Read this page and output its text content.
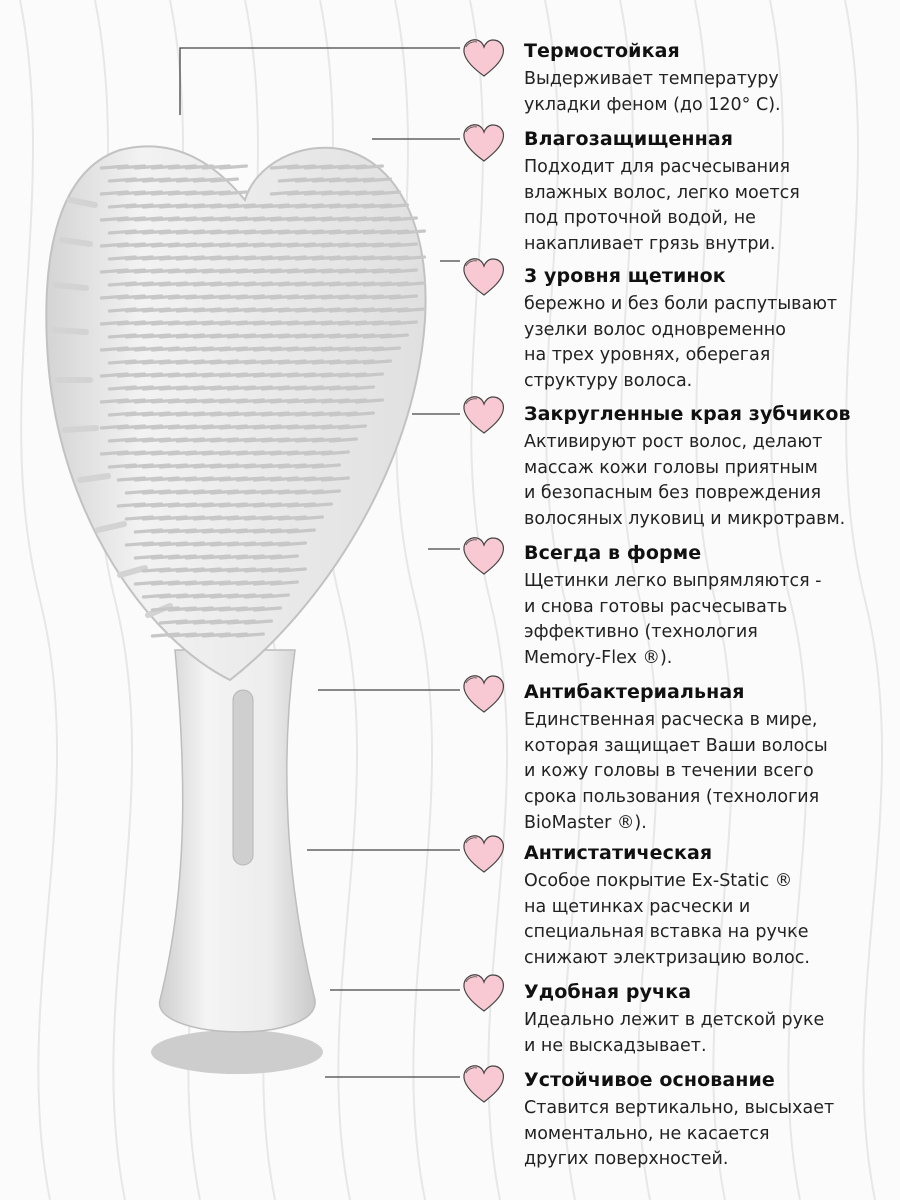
Термостойкая

Выдерживает температуру
укладки феном (до 120° C).

Влагозащищенная

Подходит для расчесывания
влажных волос, легко моется
под проточной водой, не
накапливает грязь внутри.

3 уровня щетинок

бережно и без боли распутывают
узелки волос одновременно
на трех уровнях, оберегая
структуру волоса.

Закругленные края зубчиков

Активируют рост волос, делают
массаж кожи головы приятным
и безопасным без повреждения
волосяных луковиц и микротравм.

Всегда в форме

Щетинки легко выпрямляются -
и снова готовы расчесывать
эффективно (технология
Memory-Flex ®).

Антибактериальная

Единственная расческа в мире,
которая защищает Ваши волосы
и кожу головы в течении всего
срока пользования (технология
BioMaster ®).

Антистатическая

Особое покрытие Ex-Static ®
на щетинках расчески и
специальная вставка на ручке
снижают электризацию волос.

Удобная ручка

Идеально лежит в детской руке
и не выскадзывает.

Устойчивое основание

Ставится вертикально, высыхает
моментально, не касается
других поверхностей.
